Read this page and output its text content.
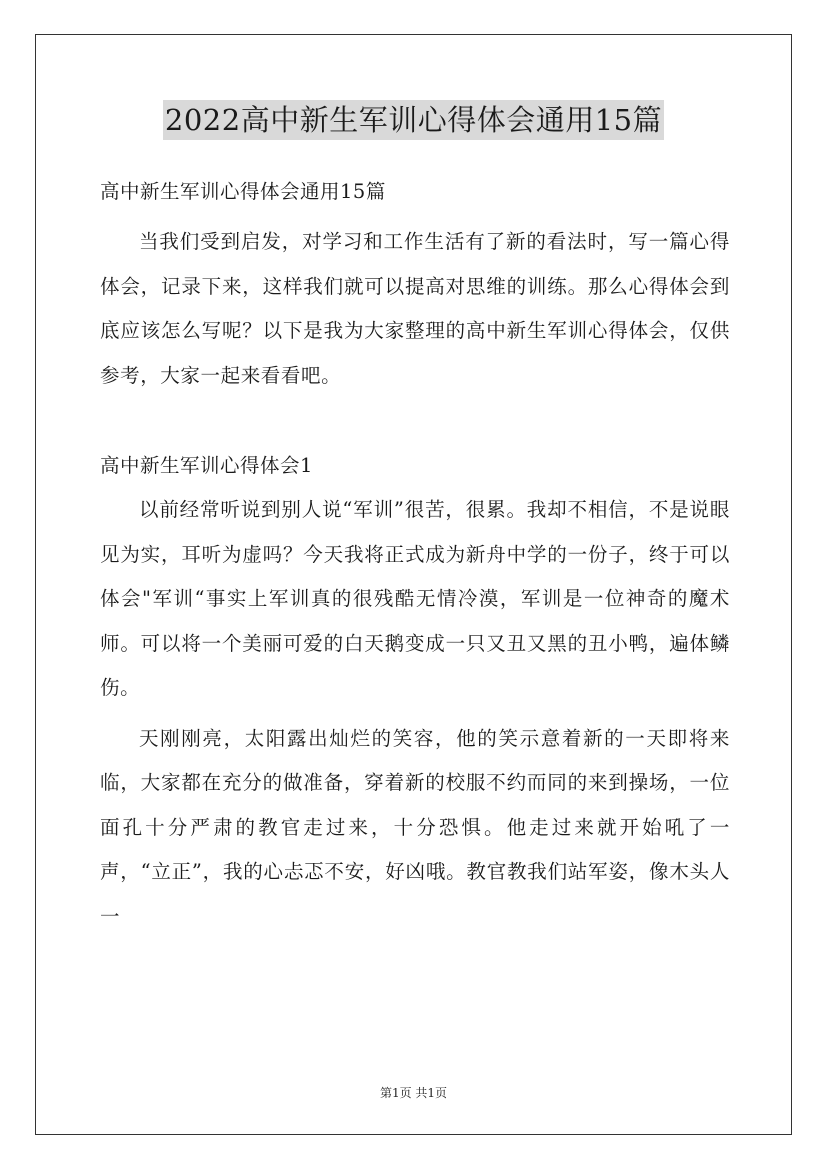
2022高中新生军训心得体会通用15篇

高中新生军训心得体会通用15篇

当我们受到启发，对学习和工作生活有了新的看法时，写一篇心得体会，记录下来，这样我们就可以提高对思维的训练。那么心得体会到底应该怎么写呢？以下是我为大家整理的高中新生军训心得体会，仅供参考，大家一起来看看吧。

高中新生军训心得体会1

以前经常听说到别人说“军训”很苦，很累。我却不相信，不是说眼见为实，耳听为虚吗？今天我将正式成为新舟中学的一份子，终于可以体会"军训“事实上军训真的很残酷无情冷漠，军训是一位神奇的魔术师。可以将一个美丽可爱的白天鹅变成一只又丑又黑的丑小鸭，遍体鳞伤。

天刚刚亮，太阳露出灿烂的笑容，他的笑示意着新的一天即将来临，大家都在充分的做准备，穿着新的校服不约而同的来到操场，一位面孔十分严肃的教官走过来，十分恐惧。他走过来就开始吼了一声，“立正”，我的心忐忑不安，好凶哦。教官教我们站军姿，像木头人一

第1页 共1页
